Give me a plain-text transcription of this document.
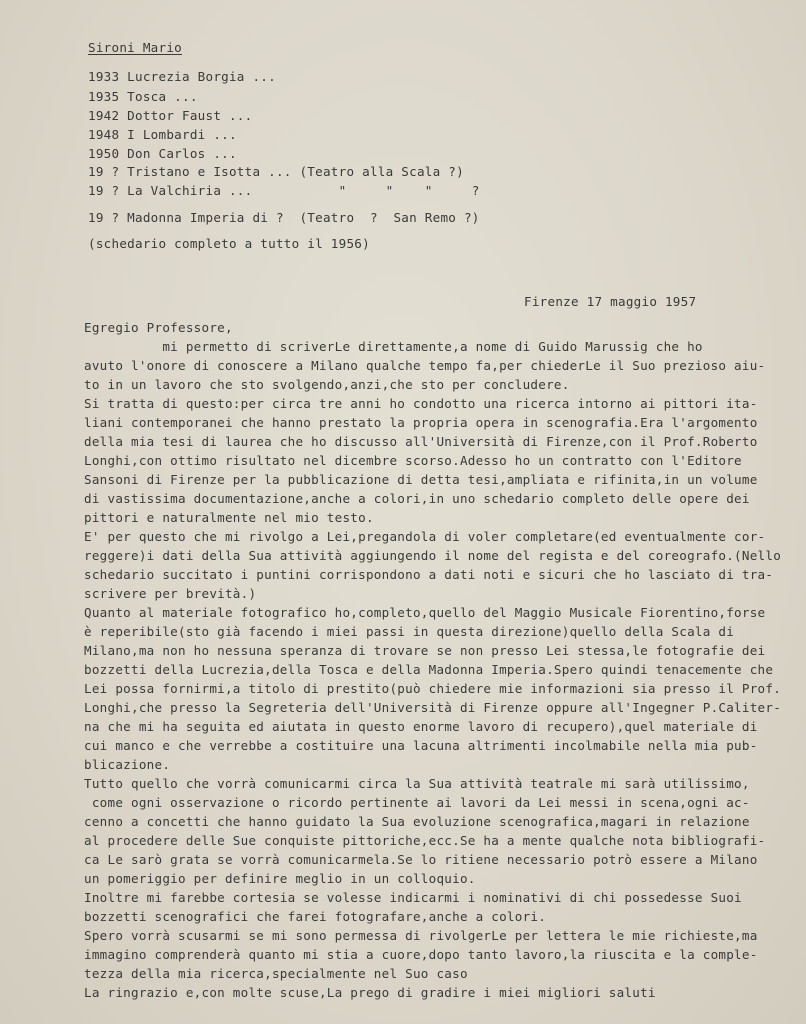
Sironi Mario
1933 Lucrezia Borgia ...
1935 Tosca ...
1942 Dottor Faust ...
1948 I Lombardi ...
1950 Don Carlos ...
19 ? Tristano e Isotta ... (Teatro alla Scala ?)
19 ? La Valchiria ...           "     "    "     ?
19 ? Madonna Imperia di ?  (Teatro  ?  San Remo ?)
(schedario completo a tutto il 1956)
Firenze 17 maggio 1957
Egregio Professore,
mi permetto di scriverLe direttamente,a nome di Guido Marussig che ho
avuto l'onore di conoscere a Milano qualche tempo fa,per chiederLe il Suo prezioso aiu-
to in un lavoro che sto svolgendo,anzi,che sto per concludere.
Si tratta di questo:per circa tre anni ho condotto una ricerca intorno ai pittori ita-
liani contemporanei che hanno prestato la propria opera in scenografia.Era l'argomento
della mia tesi di laurea che ho discusso all'Università di Firenze,con il Prof.Roberto
Longhi,con ottimo risultato nel dicembre scorso.Adesso ho un contratto con l'Editore
Sansoni di Firenze per la pubblicazione di detta tesi,ampliata e rifinita,in un volume
di vastissima documentazione,anche a colori,in uno schedario completo delle opere dei
pittori e naturalmente nel mio testo.
E' per questo che mi rivolgo a Lei,pregandola di voler completare(ed eventualmente cor-
reggere)i dati della Sua attività aggiungendo il nome del regista e del coreografo.(Nello
schedario succitato i puntini corrispondono a dati noti e sicuri che ho lasciato di tra-
scrivere per brevità.)
Quanto al materiale fotografico ho,completo,quello del Maggio Musicale Fiorentino,forse
è reperibile(sto già facendo i miei passi in questa direzione)quello della Scala di
Milano,ma non ho nessuna speranza di trovare se non presso Lei stessa,le fotografie dei
bozzetti della Lucrezia,della Tosca e della Madonna Imperia.Spero quindi tenacemente che
Lei possa fornirmi,a titolo di prestito(può chiedere mie informazioni sia presso il Prof.
Longhi,che presso la Segreteria dell'Università di Firenze oppure all'Ingegner P.Caliter-
na che mi ha seguita ed aiutata in questo enorme lavoro di recupero),quel materiale di
cui manco e che verrebbe a costituire una lacuna altrimenti incolmabile nella mia pub-
blicazione.
Tutto quello che vorrà comunicarmi circa la Sua attività teatrale mi sarà utilissimo,
come ogni osservazione o ricordo pertinente ai lavori da Lei messi in scena,ogni ac-
cenno a concetti che hanno guidato la Sua evoluzione scenografica,magari in relazione
al procedere delle Sue conquiste pittoriche,ecc.Se ha a mente qualche nota bibliografi-
ca Le sarò grata se vorrà comunicarmela.Se lo ritiene necessario potrò essere a Milano
un pomeriggio per definire meglio in un colloquio.
Inoltre mi farebbe cortesia se volesse indicarmi i nominativi di chi possedesse Suoi
bozzetti scenografici che farei fotografare,anche a colori.
Spero vorrà scusarmi se mi sono permessa di rivolgerLe per lettera le mie richieste,ma
immagino comprenderà quanto mi stia a cuore,dopo tanto lavoro,la riuscita e la comple-
tezza della mia ricerca,specialmente nel Suo caso
La ringrazio e,con molte scuse,La prego di gradire i miei migliori saluti
